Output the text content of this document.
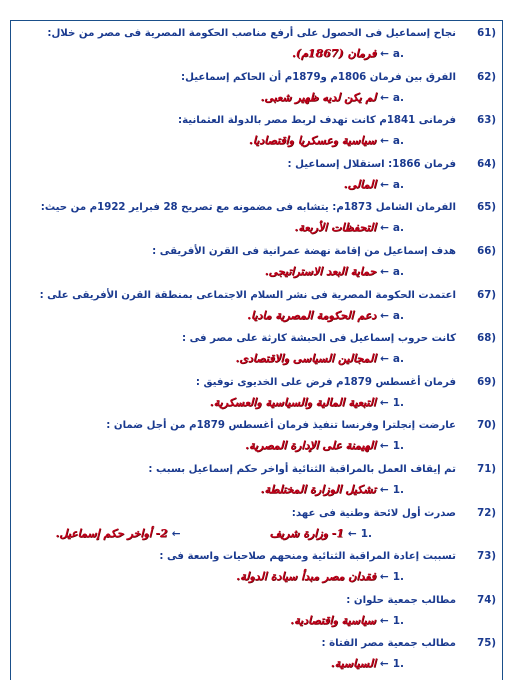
61)نجاح إسماعيل فى الحصول على أرفع مناصب الحكومة المصرية فى مصر من خلال:
فرمان (1867م). ← a.
62)الفرق بين فرمان 1806م و1879م أن الحاكم إسماعيل:
لم يكن لديه ظهير شعبى. ← a.
63)فرمانى 1841م كانت تهدف لربط مصر بالدولة العثمانية:
سياسية وعسكريا واقتصاديا. ← a.
64)فرمان 1866: استقلال إسماعيل :
المالى. ← a.
65)الفرمان الشامل 1873م: يتشابه فى مضمونه مع تصريح 28 فبراير 1922م من حيث:
التحفظات الأربعة. ← a.
66)هدف إسماعيل من إقامة نهضة عمرانية فى القرن الأفريقى :
حماية البعد الاستراتيجى. ← a.
67)اعتمدت الحكومة المصرية فى نشر السلام الاجتماعى بمنطقة القرن الأفريقى على :
دعم الحكومة المصرية ماديا. ← a.
68)كانت حروب إسماعيل فى الحبشة كارثة على مصر فى :
المجالين السياسى والاقتصادى. ← a.
69)فرمان أغسطس 1879م فرض على الخديوى توفيق :
التبعية المالية والسياسية والعسكرية. ← 1.
70)عارضت إنجلترا وفرنسا تنفيذ فرمان أغسطس 1879م من أجل ضمان :
الهيمنة على الإدارة المصرية. ← 1.
71)تم إيقاف العمل بالمراقبة الثنائية أواخر حكم إسماعيل بسبب :
تشكيل الوزارة المختلطة. ← 1.
72)صدرت أول لائحة وطنية فى عهد:
2- أواخر حكم إسماعيل. ←	1- وزارة شريف ← 1.
73)تسببت إعادة المراقبة الثنائية ومنحهم صلاحيات واسعة فى :
فقدان مصر مبدأ سيادة الدولة. ← 1.
74)مطالب جمعية حلوان :
سياسية واقتصادية. ← 1.
75)مطالب جمعية مصر الفتاة :
السياسية. ← 1.
